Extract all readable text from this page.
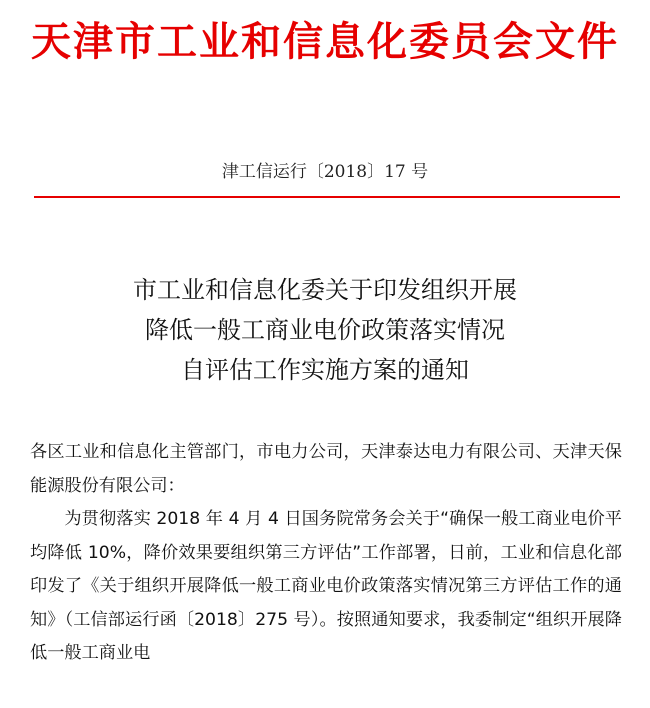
天津市工业和信息化委员会文件
津工信运行〔2018〕17 号
市工业和信息化委关于印发组织开展
降低一般工商业电价政策落实情况
自评估工作实施方案的通知

各区工业和信息化主管部门，市电力公司，天津泰达电力有限公司、天津天保能源股份有限公司：

为贯彻落实 2018 年 4 月 4 日国务院常务会关于“确保一般工商业电价平均降低 10%，降价效果要组织第三方评估”工作部署，日前，工业和信息化部印发了《关于组织开展降低一般工商业电价政策落实情况第三方评估工作的通知》（工信部运行函〔2018〕275 号）。按照通知要求，我委制定“组织开展降低一般工商业电
